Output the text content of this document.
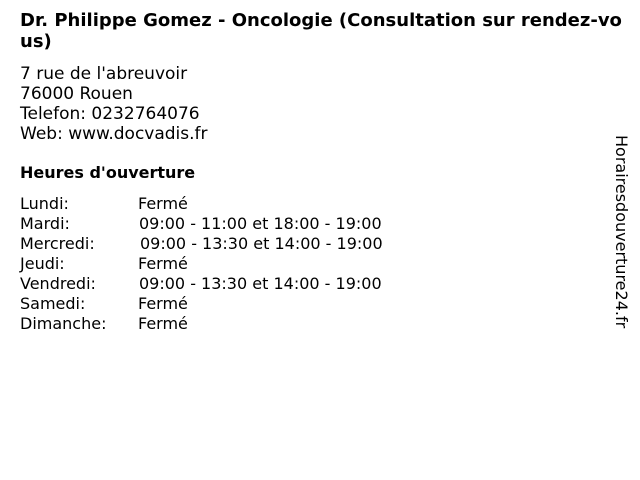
Dr. Philippe Gomez - Oncologie (Consultation sur rendez-vous)
7 rue de l'abreuvoir
76000 Rouen
Telefon: 0232764076
Web: www.docvadis.fr
Heures d'ouverture
Lundi:	Fermé
Mardi:	09:00 - 11:00 et 18:00 - 19:00
Mercredi:	09:00 - 13:30 et 14:00 - 19:00
Jeudi:	Fermé
Vendredi:	09:00 - 13:30 et 14:00 - 19:00
Samedi:	Fermé
Dimanche: Fermé	Horairesdouverture24.fr
